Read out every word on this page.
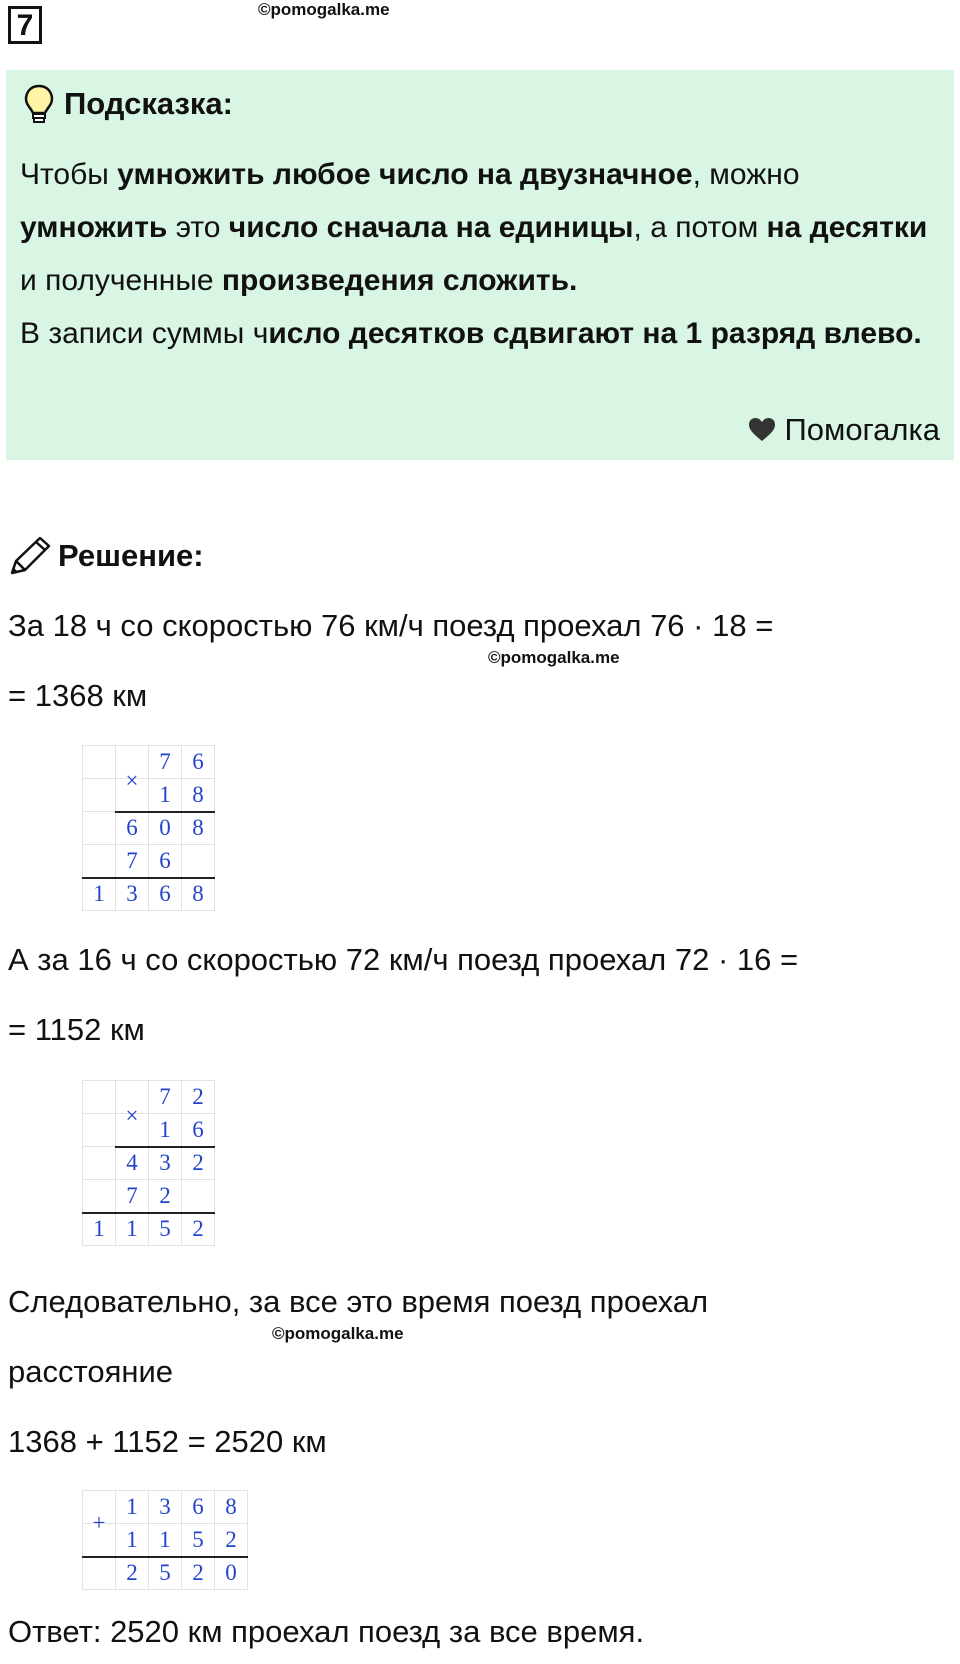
7	©pomogalka.me
Подсказка:
Чтобы умножить любое число на двузначное, можно умножить это число сначала на единицы, а потом на десятки и полученные произведения сложить.
В записи суммы число десятков сдвигают на 1 разряд влево.
Помогалка
Решение:
За 18 ч со скоростью 76 км/ч поезд проехал 76 · 18 =
©pomogalka.me
= 1368 км
	×	7	6
		1	8
	6	0	8
	7	6	
1	3	6	8
А за 16 ч со скоростью 72 км/ч поезд проехал 72 · 16 =
= 1152 км
	×	7	2
		1	6
	4	3	2
	7	2	
1	1	5	2
Следовательно, за все это время поезд проехал
©pomogalka.me
расстояние
1368 + 1152 = 2520 км
+	1	3	6	8
	1	1	5	2
	2	5	2	0
Ответ: 2520 км проехал поезд за все время.
